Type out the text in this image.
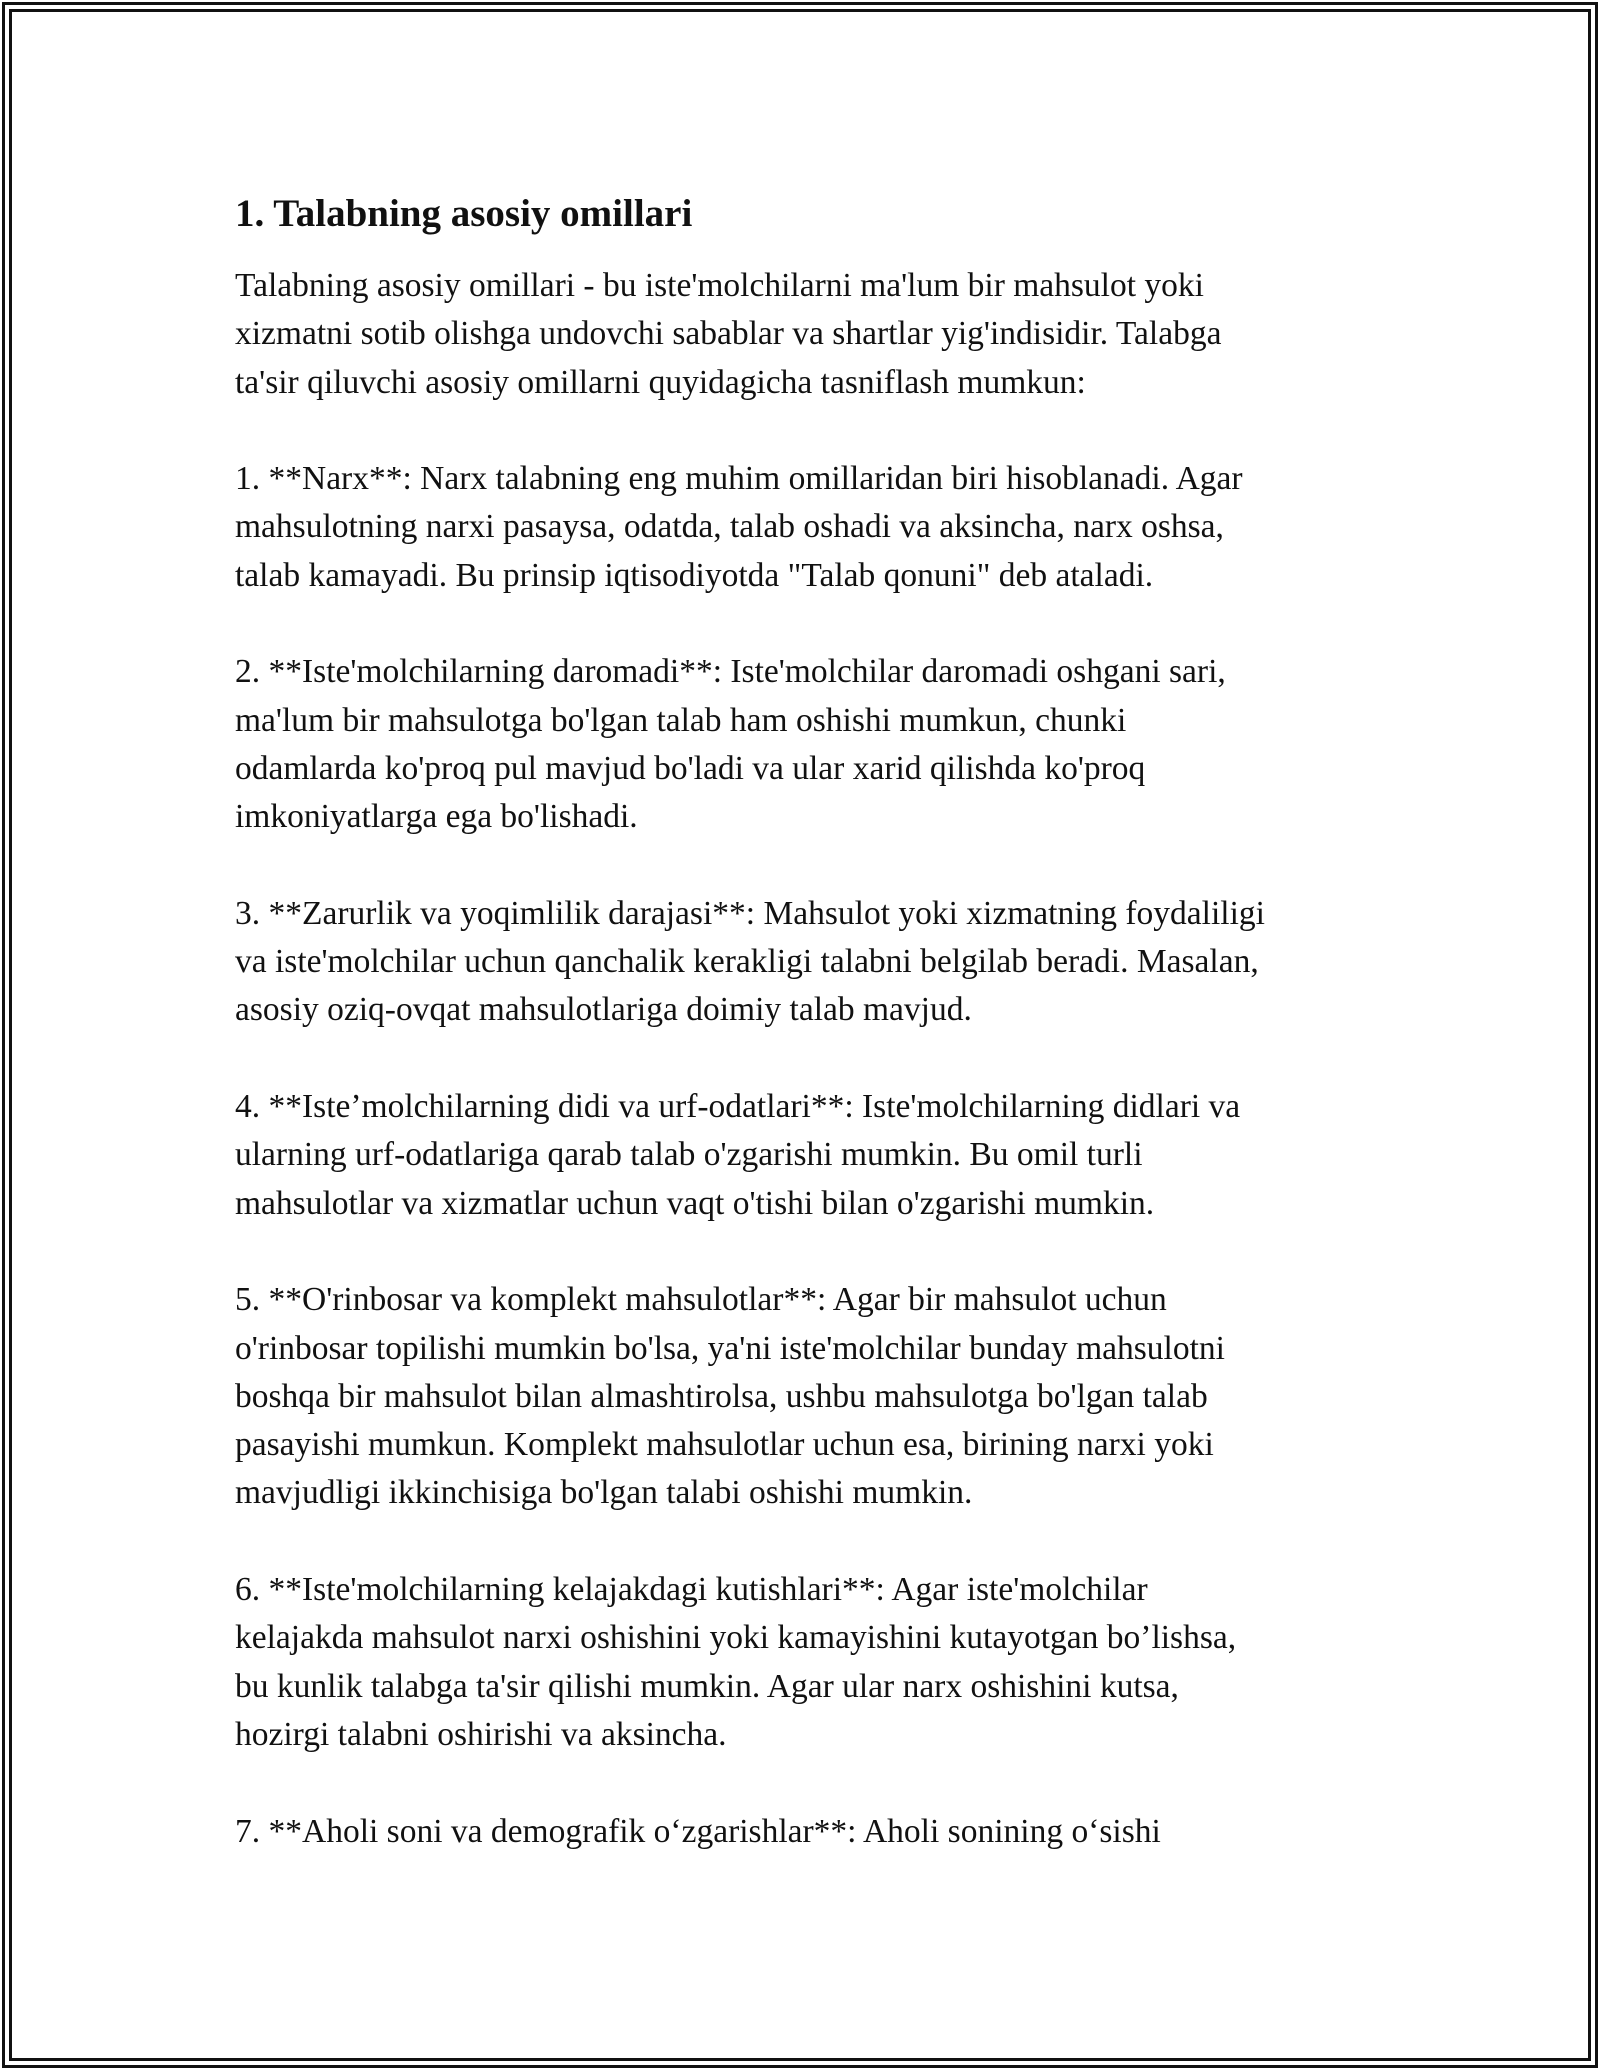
1. Talabning asosiy omillari
Talabning asosiy omillari - bu iste'molchilarni ma'lum bir mahsulot yoki
xizmatni sotib olishga undovchi sabablar va shartlar yig'indisidir. Talabga
ta'sir qiluvchi asosiy omillarni quyidagicha tasniflash mumkun:
1. **Narx**: Narx talabning eng muhim omillaridan biri hisoblanadi. Agar
mahsulotning narxi pasaysa, odatda, talab oshadi va aksincha, narx oshsa,
talab kamayadi. Bu prinsip iqtisodiyotda "Talab qonuni" deb ataladi.
2. **Iste'molchilarning daromadi**: Iste'molchilar daromadi oshgani sari,
ma'lum bir mahsulotga bo'lgan talab ham oshishi mumkun, chunki
odamlarda ko'proq pul mavjud bo'ladi va ular xarid qilishda ko'proq
imkoniyatlarga ega bo'lishadi.
3. **Zarurlik va yoqimlilik darajasi**: Mahsulot yoki xizmatning foydaliligi
va iste'molchilar uchun qanchalik kerakligi talabni belgilab beradi. Masalan,
asosiy oziq-ovqat mahsulotlariga doimiy talab mavjud.
4. **Iste’molchilarning didi va urf-odatlari**: Iste'molchilarning didlari va
ularning urf-odatlariga qarab talab o'zgarishi mumkin. Bu omil turli
mahsulotlar va xizmatlar uchun vaqt o'tishi bilan o'zgarishi mumkin.
5. **O'rinbosar va komplekt mahsulotlar**: Agar bir mahsulot uchun
o'rinbosar topilishi mumkin bo'lsa, ya'ni iste'molchilar bunday mahsulotni
boshqa bir mahsulot bilan almashtirolsa, ushbu mahsulotga bo'lgan talab
pasayishi mumkun. Komplekt mahsulotlar uchun esa, birining narxi yoki
mavjudligi ikkinchisiga bo'lgan talabi oshishi mumkin.
6. **Iste'molchilarning kelajakdagi kutishlari**: Agar iste'molchilar
kelajakda mahsulot narxi oshishini yoki kamayishini kutayotgan bo’lishsa,
bu kunlik talabga ta'sir qilishi mumkin. Agar ular narx oshishini kutsa,
hozirgi talabni oshirishi va aksincha.
7. **Aholi soni va demografik o‘zgarishlar**: Aholi sonining o‘sishi
